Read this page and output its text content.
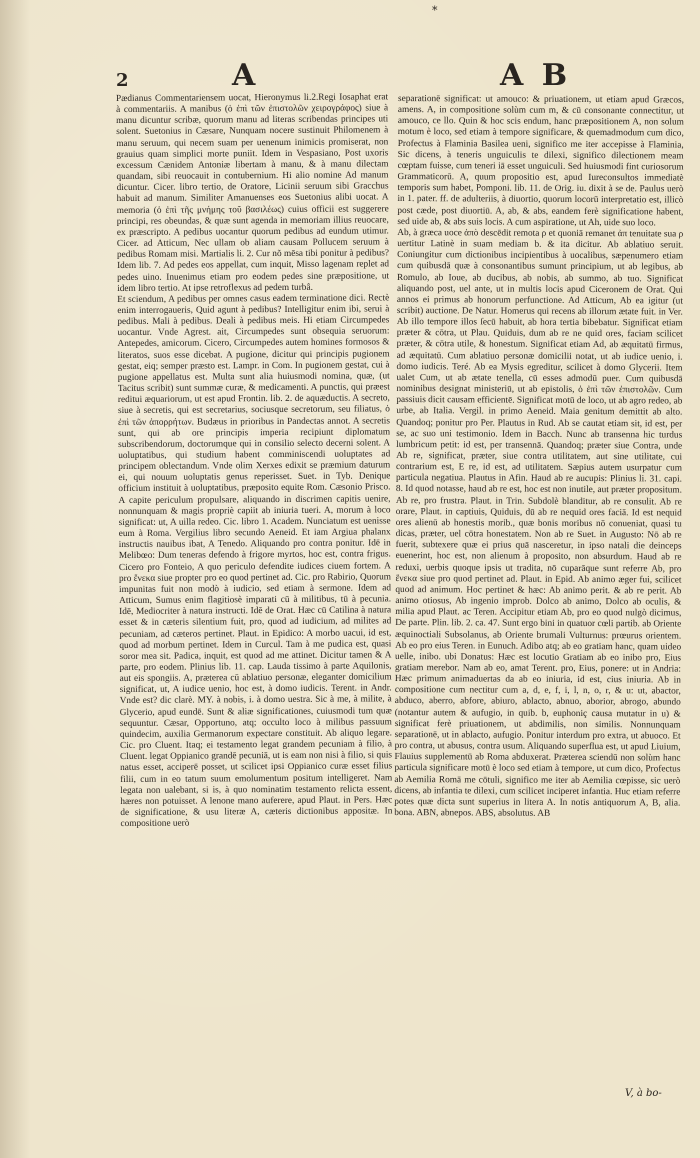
*
2	A	A B

Pædianus Commentariensem uocat, Hieronymus li.2.Regi Iosaphat erat à commentariis. A manibus (ὁ ἐπὶ τῶν ἐπιστολῶν χειρογράφος) siue à manu dicuntur scribæ, quorum manu ad literas scribendas principes uti solent. Suetonius in Cæsare, Nunquam nocere sustinuit Philomenem à manu seruum, qui necem suam per uenenum inimicis promiserat, non grauius quam simplici morte puniit. Idem in Vespasiano, Post uxoris excessum Cænidem Antoniæ libertam à manu, & à manu dilectam quandam, sibi reuocauit in contubernium. Hi alio nomine Ad manum dicuntur. Cicer. libro tertio, de Oratore, Licinii seruum sibi Gracchus habuit ad manum. Similiter Amanuenses eos Suetonius alibi uocat. A memoria (ὁ ἐπὶ τῆς μνήμης τοῦ βασιλέως) cuius officii est suggerere principi, res obeundas, & quæ sunt agenda in memoriam illius reuocare, ex præscripto. A pedibus uocantur quorum pedibus ad eundum utimur. Cicer. ad Atticum, Nec ullam ob aliam causam Pollucem seruum à pedibus Romam misi. Martialis li. 2. Cur nõ mēsa tibi ponitur à pedibus? Idem lib. 7. Ad pedes eos appellat, cum inquit, Misso lagenam replet ad pedes uino. Inuenimus etiam pro eodem pedes sine præpositione, ut idem libro tertio. At ipse retroflexus ad pedem turbâ.

Et sciendum, A pedibus per omnes casus eadem terminatione dici. Rectè enim interrogaueris, Quid agunt à pedibus? Intelligitur enim ibi, serui à pedibus. Mali à pedibus. Deali à pedibus meis. Hi etiam Circumpedes uocantur. Vnde Agrest. ait, Circumpedes sunt obsequia seruorum: Antepedes, amicorum. Cicero, Circumpedes autem homines formosos & literatos, suos esse dicebat. A pugione, dicitur qui principis pugionem gestat, eiq; semper præsto est. Lampr. in Com. In pugionem gestat, cui à pugione appellatus est. Multa sunt alia huiusmodi nomina, quæ, (ut Tacitus scribit) sunt summæ curæ, & medicamenti. A punctis, qui præest reditui æquariorum, ut est apud Frontin. lib. 2. de aquæductis. A secreto, siue à secretis, qui est secretarius, sociusque secretorum, seu filiatus, ὁ ἐπὶ τῶν ἀπορρήτων. Budæus in prioribus in Pandectas annot. A secretis sunt, qui ab ore principis imperia recipiunt diplomatum subscribendorum, doctorumque qui in consilio selecto decerni solent. A uoluptatibus, qui studium habent comminiscendi uoluptates ad principem oblectandum. Vnde olim Xerxes edixit se præmium daturum ei, qui nouum uoluptatis genus reperisset. Suet. in Tyb. Denique officium instituit à uoluptatibus, præposito equite Rom. Cæsonio Prisco. A capite periculum propulsare, aliquando in discrimen capitis uenire, nonnunquam & magis propriè capiit ab iniuria tueri. A, morum à loco significat: ut, A uilla redeo. Cic. libro 1. Academ. Nunciatum est uenisse eum à Roma. Vergilius libro secundo Aeneid. Et iam Argiua phalanx instructis nauibus ibat, A Tenedo. Aliquando pro contra ponitur. Idē in Melibœo: Dum teneras defendo à frigore myrtos, hoc est, contra frigus. Cicero pro Fonteio, A quo periculo defendite iudices ciuem fortem. A pro ἕνεκα siue propter pro eo quod pertinet ad. Cic. pro Rabirio, Quorum impunitas fuit non modò à iudicio, sed etiam à sermone. Idem ad Atticum, Sumus enim flagitiosè imparati cū à militibus, tū à pecunia. Idē, Mediocriter à natura instructi. Idē de Orat. Hæc cū Catilina à natura esset & in cæteris silentium fuit, pro, quod ad iudicium, ad milites ad pecuniam, ad cæteros pertinet. Plaut. in Epidico: A morbo uacui, id est, quod ad morbum pertinet. Idem in Curcul. Tam à me pudica est, quasi soror mea sit. Padica, inquit, est quod ad me attinet. Dicitur tamen & A parte, pro eodem. Plinius lib. 11. cap. Lauda tissimo à parte Aquilonis, aut eis spongiis. A, præterea cū ablatiuo personæ, eleganter domicilium significat, ut, A iudice uenio, hoc est, à domo iudicis. Terent. in Andr. Vnde est? dic clarè. MY. à nobis, i. à domo uestra. Sic à me, à milite, à Glycerio, apud eundē. Sunt & aliæ significationes, cuiusmodi tum quæ sequuntur. Cæsar, Opportuno, atq; occulto loco à milibus passuum quindecim, auxilia Germanorum expectare constituit. Ab aliquo legare. Cic. pro Cluent. Itaq; ei testamento legat grandem pecuniam à filio, à Cluent. legat Oppianico grandē pecuniā, ut is eam non nisi à filio, si quis natus esset, acciperē posset, ut scilicet ipsi Oppianico curæ esset filius filii, cum in eo tatum suum emolumentum positum intelligeret. Nam legata non ualebant, si is, à quo nominatim testamento relicta essent, hæres non potuisset. A lenone mano auferere, apud Plaut. in Pers. Hæc de significatione, & usu literæ A, cæteris dictionibus appositæ. In compositione uerò

separationē significat: ut amouco: & priuationem, ut etiam apud Græcos, amens. A, in compositione solùm cum m, & cū consonante connectitur, ut amouco, ce llo. Quin & hoc scis endum, hanc præpositionem A, non solum motum è loco, sed etiam à tempore significare, & quemadmodum cum dico, Profectus à Flaminia Basilea ueni, significo me iter accepisse à Flaminia, Sic dicens, à teneris unguiculis te dilexi, significo dilectionem meam cœptam fuisse, cum teneri iā esset unguiculi. Sed huiusmodi fint curiosorum Grammaticorū. A, quum propositio est, apud Iureconsultos immediatè temporis sum habet, Pomponi. lib. 11. de Orig. iu. dixit à se de. Paulus uerò in 1. pater. ff. de adulteriis, à diuortio, quorum locorū interpretatio est, illicò post cæde, post diuortiū. A, ab, & abs, eandem ferè significatione habent, sed uide ab, & abs suis locis. A cum aspiratione, ut Ah, uide suo loco.

Ab, à græca uoce ἀπὸ descēdit remota ρ et quoniā remanet ἀπ tenuitate sua ρ uertitur Latinè in suam mediam b. & ita dicitur. Ab ablatiuo seruit. Coniungitur cum dictionibus incipientibus à uocalibus, sæpenumero etiam cum quibusdā quæ à consonantibus sumunt principium, ut ab legibus, ab Romulo, ab Ioue, ab ducibus, ab nobis, ab summo, ab tuo. Significat aliquando post, uel ante, ut in multis locis apud Ciceronem de Orat. Qui annos ei primus ab honorum perfunctione. Ad Atticum, Ab ea igitur (ut scribit) auctione. De Natur. Homerus qui recens ab illorum ætate fuit. in Ver. Ab illo tempore illos ſecū habuit, ab hora tertia bibebatur. Significat etiam præter & cōtra, ut Plau. Quiduis, dum ab re ne quid ores, faciam scilicet præter, & cōtra utile, & honestum. Significat etiam Ad, ab æquitatū firmus, ad æquitatū. Cum ablatiuo personæ domicilii notat, ut ab iudice uenio, i. domo iudicis. Teré. Ab ea Mysis egreditur, scilicet à domo Glycerii. Item ualet Cum, ut ab ætate tenella, cū esses admodū puer. Cum quibusdā nominibus designat ministeriū, ut ab epistolis, ὁ ἐπὶ τῶν ἐπιστολῶν. Cum passiuis dicit causam efficientē. Significat motū de loco, ut ab agro redeo, ab urbe, ab Italia. Vergil. in primo Aeneid. Maia genitum demittit ab alto. Quandoq; ponitur pro Per. Plautus in Rud. Ab se cautat etiam sit, id est, per se, ac suo uni testimonio. Idem in Bacch. Nunc ab transenna hic turdus lumbricum petit: id est, per transennā. Quandoq; præter siue Contra, unde Ab re, significat, præter, siue contra utilitatem, aut sine utilitate, cui contrarium est, E re, id est, ad utilitatem. Sæpius autem usurpatur cum particula negatiua. Plautus in Afin. Haud ab re aucupis: Plinius li. 31. capi. 8. Id quod notasse, haud ab re est, hoc est non inutile, aut præter propositum. Ab re, pro frustra. Plaut. in Trin. Subdolè blanditur, ab re consulit. Ab re orare, Plaut. in captiuis, Quiduis, dū ab re nequid ores faciā. Id est nequid ores alienū ab honestis morib., quæ bonis moribus nō conueniat, quasi tu dicas, præter, uel cōtra honestatem. Non ab re Suet. in Augusto: Nō ab re fuerit, subtexere quæ ei prius quā nasceretur, in ipso natali die deinceps euenerint, hoc est, non alienum à proposito, non absurdum. Haud ab re reduxi, uerbis quoque ipsis ut tradita, nō cuparāque sunt referre Ab, pro ἕνεκα siue pro quod pertinet ad. Plaut. in Epid. Ab animo æger fui, scilicet quod ad animum. Hoc pertinet & hæc: Ab animo perit. & ab re perit. Ab animo otiosus, Ab ingenio improb. Dolco ab animo, Dolco ab oculis, & milia apud Plaut. ac Teren. Accipitur etiam Ab, pro eo quod nulgò dicimus, De parte. Plin. lib. 2. ca. 47. Sunt ergo bini in quatuor cœli partib. ab Oriente æquinoctiali Subsolanus, ab Oriente brumali Vulturnus: prœurus orientem. Ab eo pro eius Teren. in Eunuch. Adibo atq; ab eo gratiam hanc, quam uideo uelle, inibo. ubi Donatus: Hæc est locutio Gratiam ab eo inibo pro, Eius gratiam merebor. Nam ab eo, amat Terent. pro, Eius, ponere: ut in Andria: Hæc primum animaduertas da ab eo iniuria, id est, cius iniuria. Ab in compositione cum nectitur cum a, d, e, f, i, l, n, o, r, & u: ut, abactor, abduco, aberro, abfore, abiuro, ablacto, abnuo, aborior, abrogo, abundo (notantur autem & aufugio, in quib. b, euphoniç causa mutatur in u) & significat ferè priuationem, ut abdimilis, non similis. Nonnunquam separationē, ut in ablacto, aufugio. Ponitur interdum pro extra, ut abuoco. Et pro contra, ut abusus, contra usum. Aliquando superflua est, ut apud Liuium, Flauius supplementū ab Roma abduxerat. Præterea sciendū non solùm hanc particula significare motū è loco sed etiam à tempore, ut cum dico, Profectus ab Aemilia Romā me cōtuli, significo me iter ab Aemilia cœpisse, sic uerò dicens, ab infantia te dilexi, cum scilicet inciperet infantia. Huc etiam referre potes quæ dicta sunt superius in litera A. In notis antiquorum A, B, alia. bona. ABN, abnepos. ABS, absolutus. AB

V, à bo-
